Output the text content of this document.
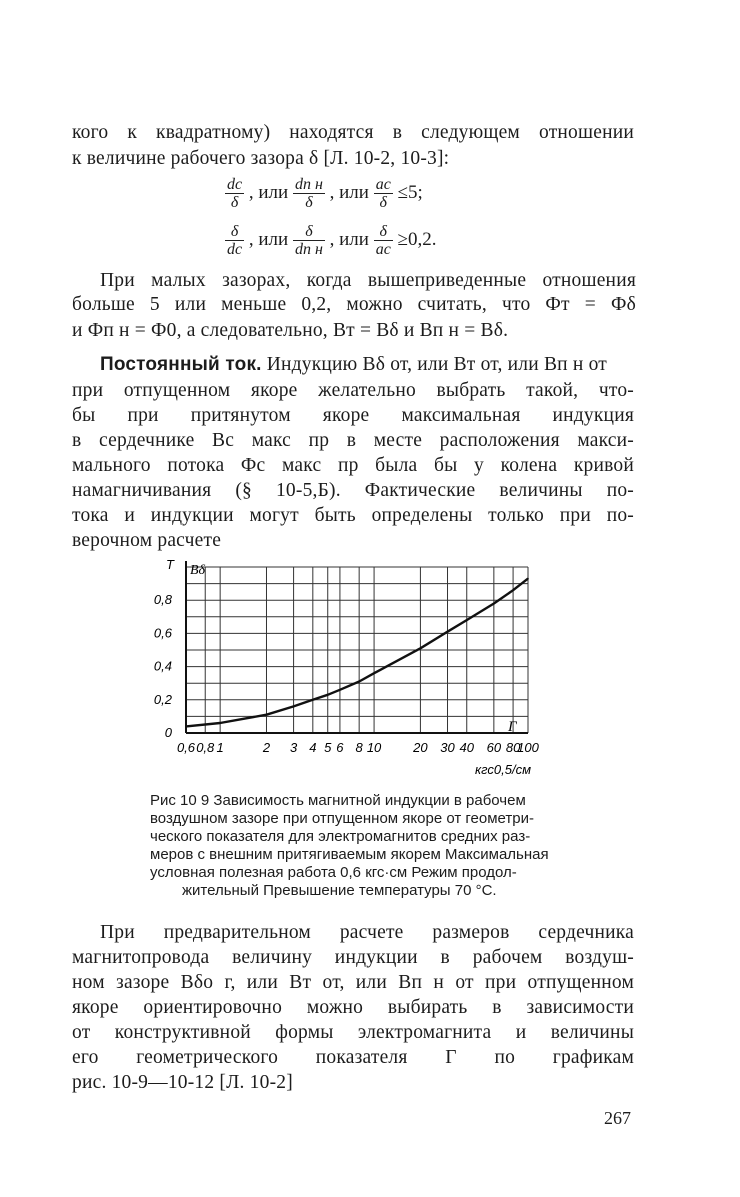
кого к квадратному) находятся в следующем отношении
к величине рабочего зазора δ [Л. 10-2, 10-3]:
$\frac{dc}{\delta}$ , или $\frac{\text{dп н}}{\delta}$ , или $\frac{ac}{\delta} \le 5$;
$\frac{\delta}{dc}$ , или $\frac{\delta}{\text{dп н}}$ , или $\frac{\delta}{ac} \ge 0,2$.
При малых зазорах, когда вышеприведенные отношения
больше 5 или меньше 0,2, можно считать, что Фт = Фδ
и Фп н = Ф0, а следовательно, Bт = Bδ и Bп н = Bδ.
Постоянный ток. Индукцию Bδ от, или Bт от, или Bп н от
при отпущенном якоре желательно выбрать такой, что-
бы при притянутом якоре максимальная индукция
в сердечнике Bс макс пр в месте расположения макси-
мального потока Фс макс пр была бы у колена кривой
намагничивания (§ 10-5,Б). Фактические величины по-
тока и индукции могут быть определены только при по-
верочном расчете
0
0,2
0,4
0,6
0,8
0,6 0,8 1	2 3 4 5 6 8 10 20 30 40 60 80
100
T Bδ
Г
кгс0,5/см
Рис 10 9 Зависимость магнитной индукции в рабочем
воздушном зазоре при отпущенном якоре от геометри-
ческого показателя для электромагнитов средних раз-
меров с внешним притягиваемым якорем Максимальная
условная полезная работа 0,6 кгс·см Режим продол-
жительный Превышение температуры 70 °С.
При предварительном расчете размеров сердечника
магнитопровода величину индукции в рабочем воздуш-
ном зазоре Bδо г, или Bт от, или Bп н от при отпущенном
якоре ориентировочно можно выбирать в зависимости
от конструктивной формы электромагнита и величины
его геометрического показателя Г по графикам
рис. 10-9—10-12 [Л. 10-2]
267
